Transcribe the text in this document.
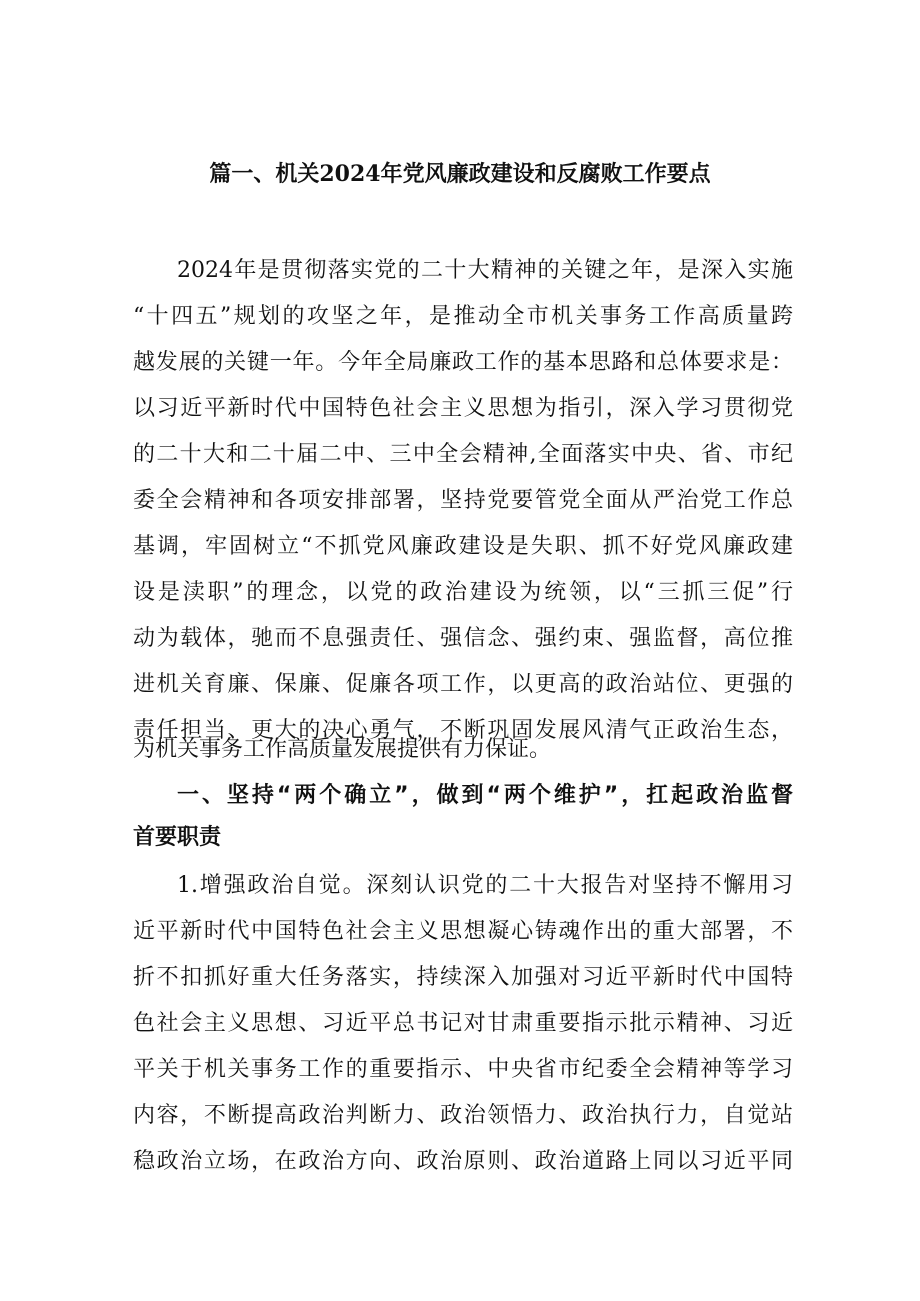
篇一、机关2024年党风廉政建设和反腐败工作要点
2024年是贯彻落实党的二十大精神的关键之年，是深入实施
“十四五”规划的攻坚之年，是推动全市机关事务工作高质量跨
越发展的关键一年。今年全局廉政工作的基本思路和总体要求是：
以习近平新时代中国特色社会主义思想为指引，深入学习贯彻党
的二十大和二十届二中、三中全会精神,全面落实中央、省、市纪
委全会精神和各项安排部署，坚持党要管党全面从严治党工作总
基调，牢固树立“不抓党风廉政建设是失职、抓不好党风廉政建
设是渎职”的理念，以党的政治建设为统领，以“三抓三促”行
动为载体，驰而不息强责任、强信念、强约束、强监督，高位推
进机关育廉、保廉、促廉各项工作，以更高的政治站位、更强的
责任担当、更大的决心勇气，不断巩固发展风清气正政治生态，
为机关事务工作高质量发展提供有力保证。
一、坚持“两个确立”，做到“两个维护”，扛起政治监督
首要职责
1.增强政治自觉。深刻认识党的二十大报告对坚持不懈用习
近平新时代中国特色社会主义思想凝心铸魂作出的重大部署，不
折不扣抓好重大任务落实，持续深入加强对习近平新时代中国特
色社会主义思想、习近平总书记对甘肃重要指示批示精神、习近
平关于机关事务工作的重要指示、中央省市纪委全会精神等学习
内容，不断提高政治判断力、政治领悟力、政治执行力，自觉站
稳政治立场，在政治方向、政治原则、政治道路上同以习近平同
